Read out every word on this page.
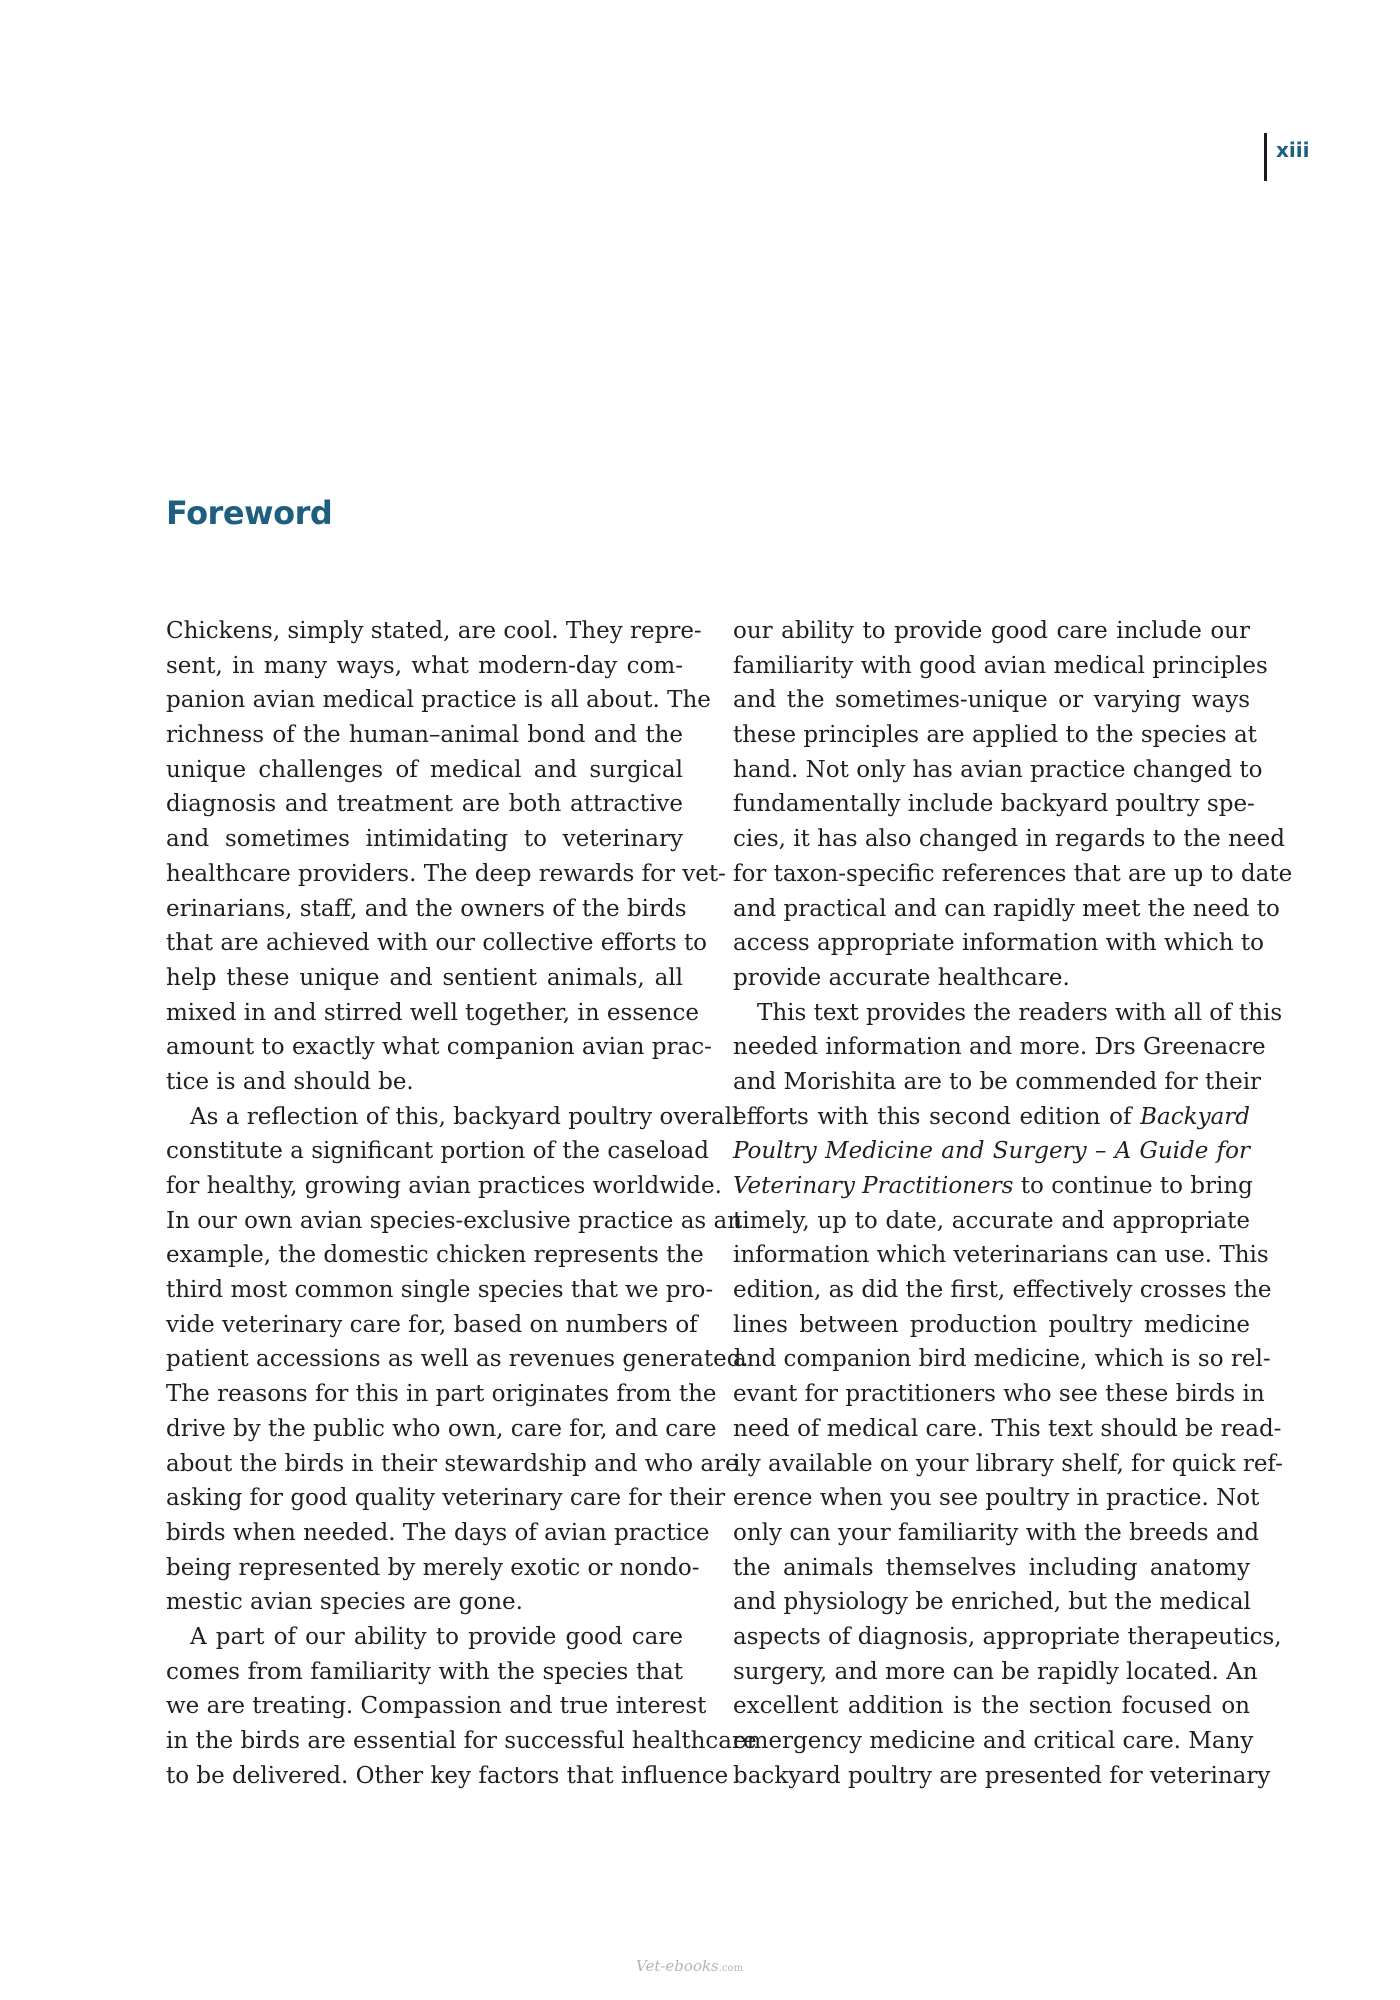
xiii
Foreword
Chickens, simply stated, are cool. They repre-
sent, in many ways, what modern-day com-
panion avian medical practice is all about. The
richness of the human–animal bond and the
unique challenges of medical and surgical
diagnosis and treatment are both attractive
and sometimes intimidating to veterinary
healthcare providers. The deep rewards for vet-
erinarians, staff, and the owners of the birds
that are achieved with our collective efforts to
help these unique and sentient animals, all
mixed in and stirred well together, in essence
amount to exactly what companion avian prac-
tice is and should be.
As a reflection of this, backyard poultry overall
constitute a significant portion of the caseload
for healthy, growing avian practices worldwide.
In our own avian species-exclusive practice as an
example, the domestic chicken represents the
third most common single species that we pro-
vide veterinary care for, based on numbers of
patient accessions as well as revenues generated.
The reasons for this in part originates from the
drive by the public who own, care for, and care
about the birds in their stewardship and who are
asking for good quality veterinary care for their
birds when needed. The days of avian practice
being represented by merely exotic or nondo-
mestic avian species are gone.
A part of our ability to provide good care
comes from familiarity with the species that
we are treating. Compassion and true interest
in the birds are essential for successful healthcare
to be delivered. Other key factors that influence
our ability to provide good care include our
familiarity with good avian medical principles
and the sometimes-unique or varying ways
these principles are applied to the species at
hand. Not only has avian practice changed to
fundamentally include backyard poultry spe-
cies, it has also changed in regards to the need
for taxon-specific references that are up to date
and practical and can rapidly meet the need to
access appropriate information with which to
provide accurate healthcare.
This text provides the readers with all of this
needed information and more. Drs Greenacre
and Morishita are to be commended for their
efforts with this second edition of Backyard
Poultry Medicine and Surgery – A Guide for
Veterinary Practitioners to continue to bring
timely, up to date, accurate and appropriate
information which veterinarians can use. This
edition, as did the first, effectively crosses the
lines between production poultry medicine
and companion bird medicine, which is so rel-
evant for practitioners who see these birds in
need of medical care. This text should be read-
ily available on your library shelf, for quick ref-
erence when you see poultry in practice. Not
only can your familiarity with the breeds and
the animals themselves including anatomy
and physiology be enriched, but the medical
aspects of diagnosis, appropriate therapeutics,
surgery, and more can be rapidly located. An
excellent addition is the section focused on
emergency medicine and critical care. Many
backyard poultry are presented for veterinary
Vet-ebooks.com
